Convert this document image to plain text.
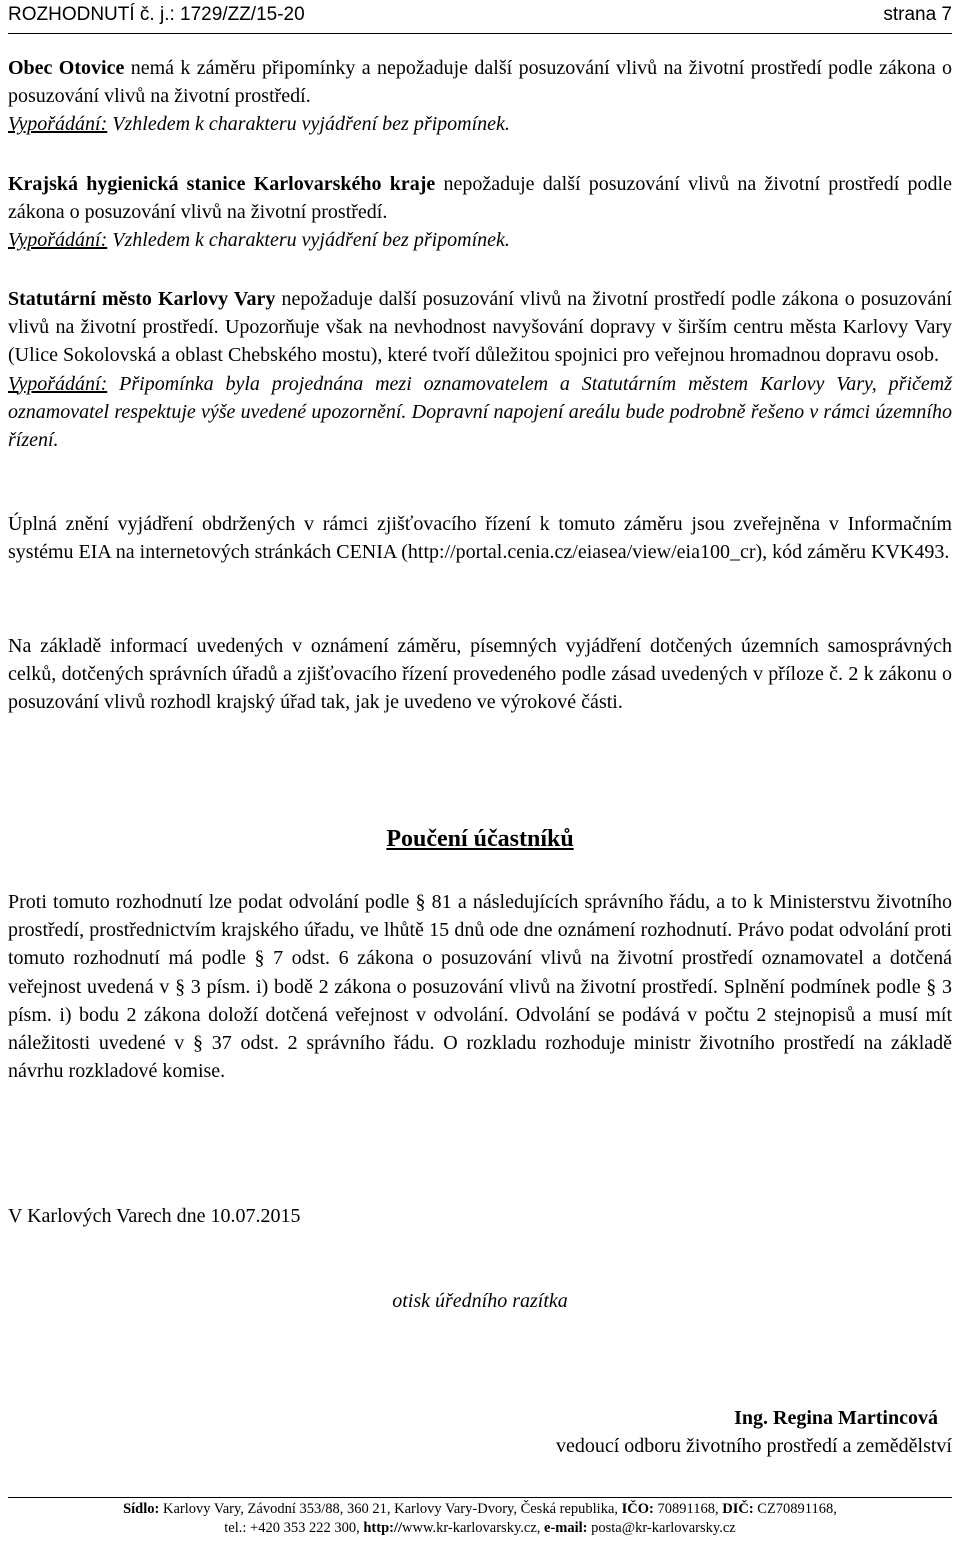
ROZHODNUTÍ č. j.: 1729/ZZ/15-20	strana 7

Obec Otovice nemá k záměru připomínky a nepožaduje další posuzování vlivů na životní prostředí podle zákona o posuzování vlivů na životní prostředí.

Vypořádání: Vzhledem k charakteru vyjádření bez připomínek.

Krajská hygienická stanice Karlovarského kraje nepožaduje další posuzování vlivů na životní prostředí podle zákona o posuzování vlivů na životní prostředí.

Vypořádání: Vzhledem k charakteru vyjádření bez připomínek.

Statutární město Karlovy Vary nepožaduje další posuzování vlivů na životní prostředí podle zákona o posuzování vlivů na životní prostředí. Upozorňuje však na nevhodnost navyšování dopravy v širším centru města Karlovy Vary (Ulice Sokolovská a oblast Chebského mostu), které tvoří důležitou spojnici pro veřejnou hromadnou dopravu osob.

Vypořádání: Připomínka byla projednána mezi oznamovatelem a Statutárním městem Karlovy Vary, přičemž oznamovatel respektuje výše uvedené upozornění. Dopravní napojení areálu bude podrobně řešeno v rámci územního řízení.

Úplná znění vyjádření obdržených v rámci zjišťovacího řízení k tomuto záměru jsou zveřejněna v Informačním systému EIA na internetových stránkách CENIA (http://portal.cenia.cz/eiasea/view/eia100_cr), kód záměru KVK493.

Na základě informací uvedených v oznámení záměru, písemných vyjádření dotčených územních samosprávných celků, dotčených správních úřadů a zjišťovacího řízení provedeného podle zásad uvedených v příloze č. 2 k zákonu o posuzování vlivů rozhodl krajský úřad tak, jak je uvedeno ve výrokové části.

Poučení účastníků

Proti tomuto rozhodnutí lze podat odvolání podle § 81 a následujících správního řádu, a to k Ministerstvu životního prostředí, prostřednictvím krajského úřadu, ve lhůtě 15 dnů ode dne oznámení rozhodnutí. Právo podat odvolání proti tomuto rozhodnutí má podle § 7 odst. 6 zákona o posuzování vlivů na životní prostředí oznamovatel a dotčená veřejnost uvedená v § 3 písm. i) bodě 2 zákona o posuzování vlivů na životní prostředí. Splnění podmínek podle § 3 písm. i) bodu 2 zákona doloží dotčená veřejnost v odvolání. Odvolání se podává v počtu 2 stejnopisů a musí mít náležitosti uvedené v § 37 odst. 2 správního řádu. O rozkladu rozhoduje ministr životního prostředí na základě návrhu rozkladové komise.

V Karlových Varech dne 10.07.2015

otisk úředního razítka
Ing. Regina Martincová
vedoucí odboru životního prostředí a zemědělství
Sídlo: Karlovy Vary, Závodní 353/88, 360 21, Karlovy Vary-Dvory, Česká republika, IČO: 70891168, DIČ: CZ70891168,
tel.: +420 353 222 300, http://www.kr-karlovarsky.cz, e-mail: posta@kr-karlovarsky.cz
